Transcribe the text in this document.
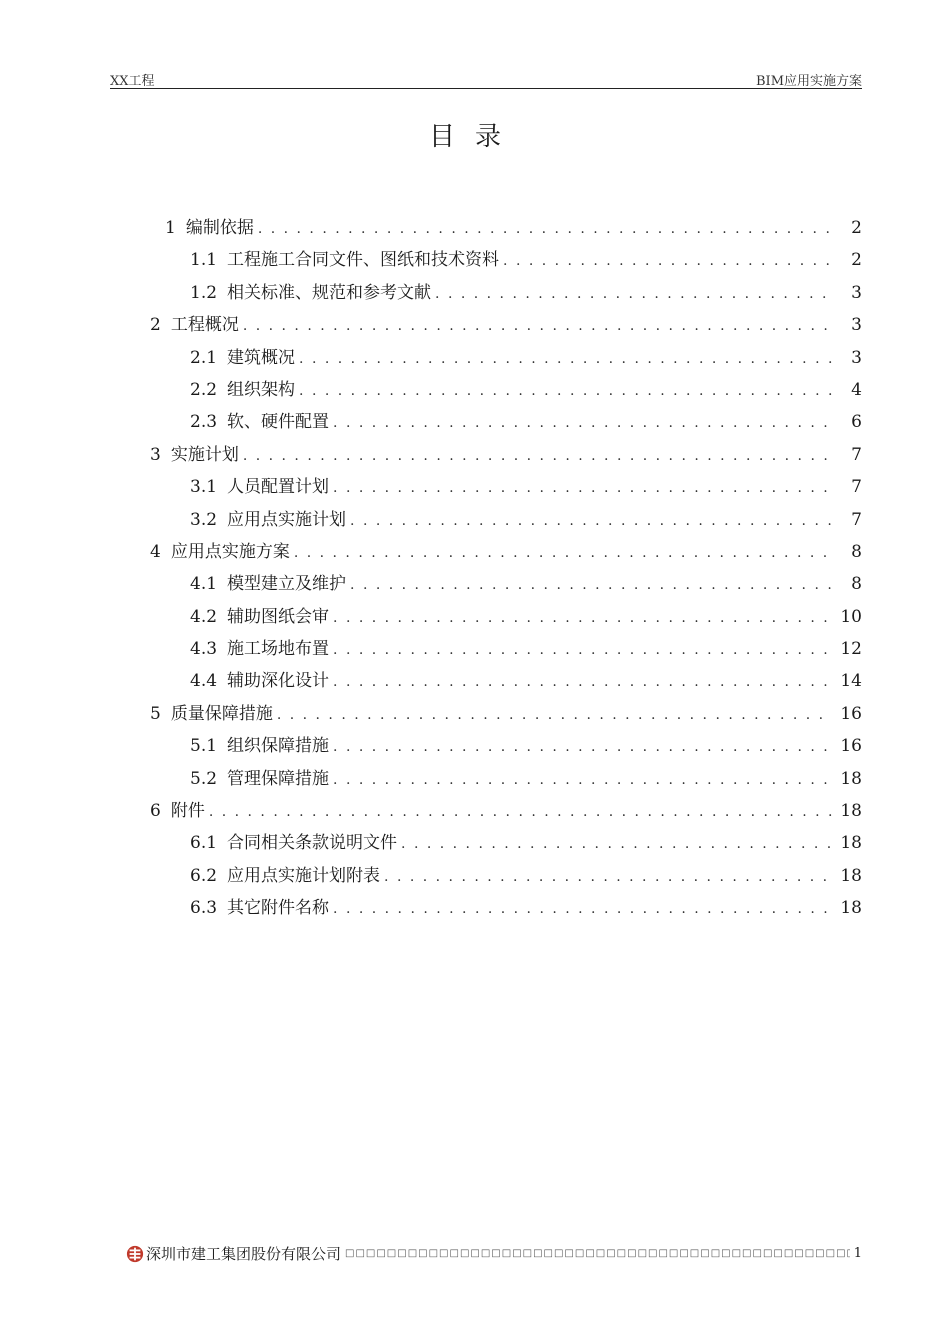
XX工程	BIM应用实施方案
目录
1 编制依据 . . .	2
1.1 工程施工合同文件、图纸和技术资料 . . .	2
1.2 相关标准、规范和参考文献 . . .	3
2 工程概况 . . .	3
2.1 建筑概况 . . .	3
2.2 组织架构 . . .	4
2.3 软、硬件配置 . . .	6
3 实施计划 . . .	7
3.1 人员配置计划 . . .	7
3.2 应用点实施计划 . . .	7
4 应用点实施方案 . . .	8
4.1 模型建立及维护 . . .	8
4.2 辅助图纸会审 . . .	10
4.3 施工场地布置 . . .	12
4.4 辅助深化设计 . . .	14
5 质量保障措施 . . .	16
5.1 组织保障措施 . . .	16
5.2 管理保障措施 . . .	18
6 附件 . . .	18
6.1 合同相关条款说明文件 . . .	18
6.2 应用点实施计划附表 . . .	18
6.3 其它附件名称 . . .	18
深圳市建工集团股份有限公司 □□□□□□□□□□□□□□□□□□□□□□□□□□□□□□□□□□□□□□□□□□□□□□□□□□□□□□□□□□□□□□□□□□□□□□□□□□□□□□□□□□□□□□□□□□□□□□□□□□□□□□□□□□	1
